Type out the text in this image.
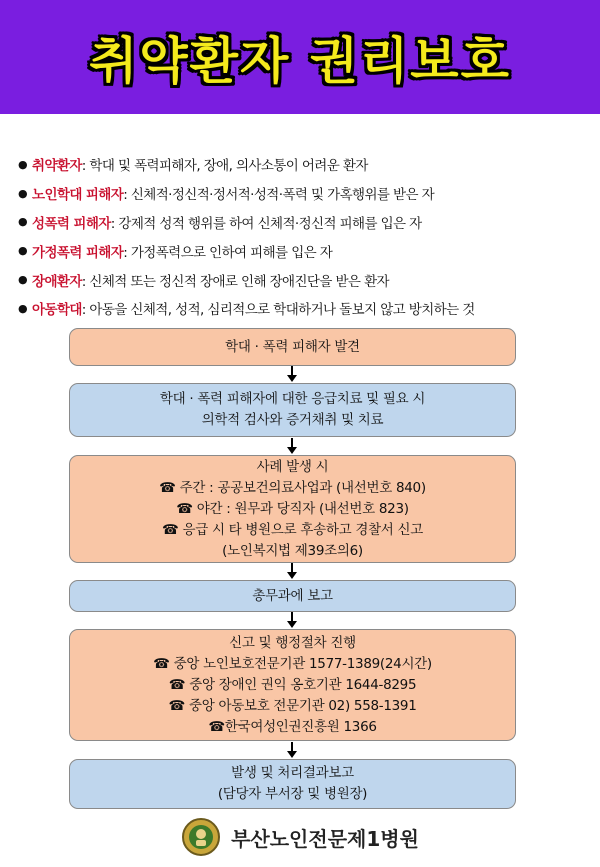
취약환자 권리보호
● 취약환자 : 학대 및 폭력피해자, 장애, 의사소통이 어려운 환자
● 노인학대 피해자 : 신체적·정신적·정서적·성적·폭력 및 가혹행위를 받은 자
● 성폭력 피해자 : 강제적 성적 행위를 하여 신체적·정신적 피해를 입은 자
● 가정폭력 피해자 : 가정폭력으로 인하여 피해를 입은 자
● 장애환자 : 신체적 또는 정신적 장애로 인해 장애진단을 받은 환자
● 아동학대 : 아동을 신체적, 성적, 심리적으로 학대하거나 돌보지 않고 방치하는 것
학대 · 폭력 피해자 발견
학대 · 폭력 피해자에 대한 응급치료 및 필요 시
의학적 검사와 증거채취 및 치료
사례 발생 시
☎ 주간 : 공공보건의료사업과 (내선번호 840)
☎ 야간 : 원무과 당직자 (내선번호 823)
☎ 응급 시 타 병원으로 후송하고 경찰서 신고
(노인복지법 제39조의6)
총무과에 보고
신고 및 행정절차 진행
☎ 중앙 노인보호전문기관 1577-1389(24시간)
☎ 중앙 장애인 권익 옹호기관 1644-8295
☎ 중앙 아동보호 전문기관 02) 558-1391
☎한국여성인권진흥원 1366
발생 및 처리결과보고
(담당자 부서장 및 병원장)
부산노인전문제1병원
